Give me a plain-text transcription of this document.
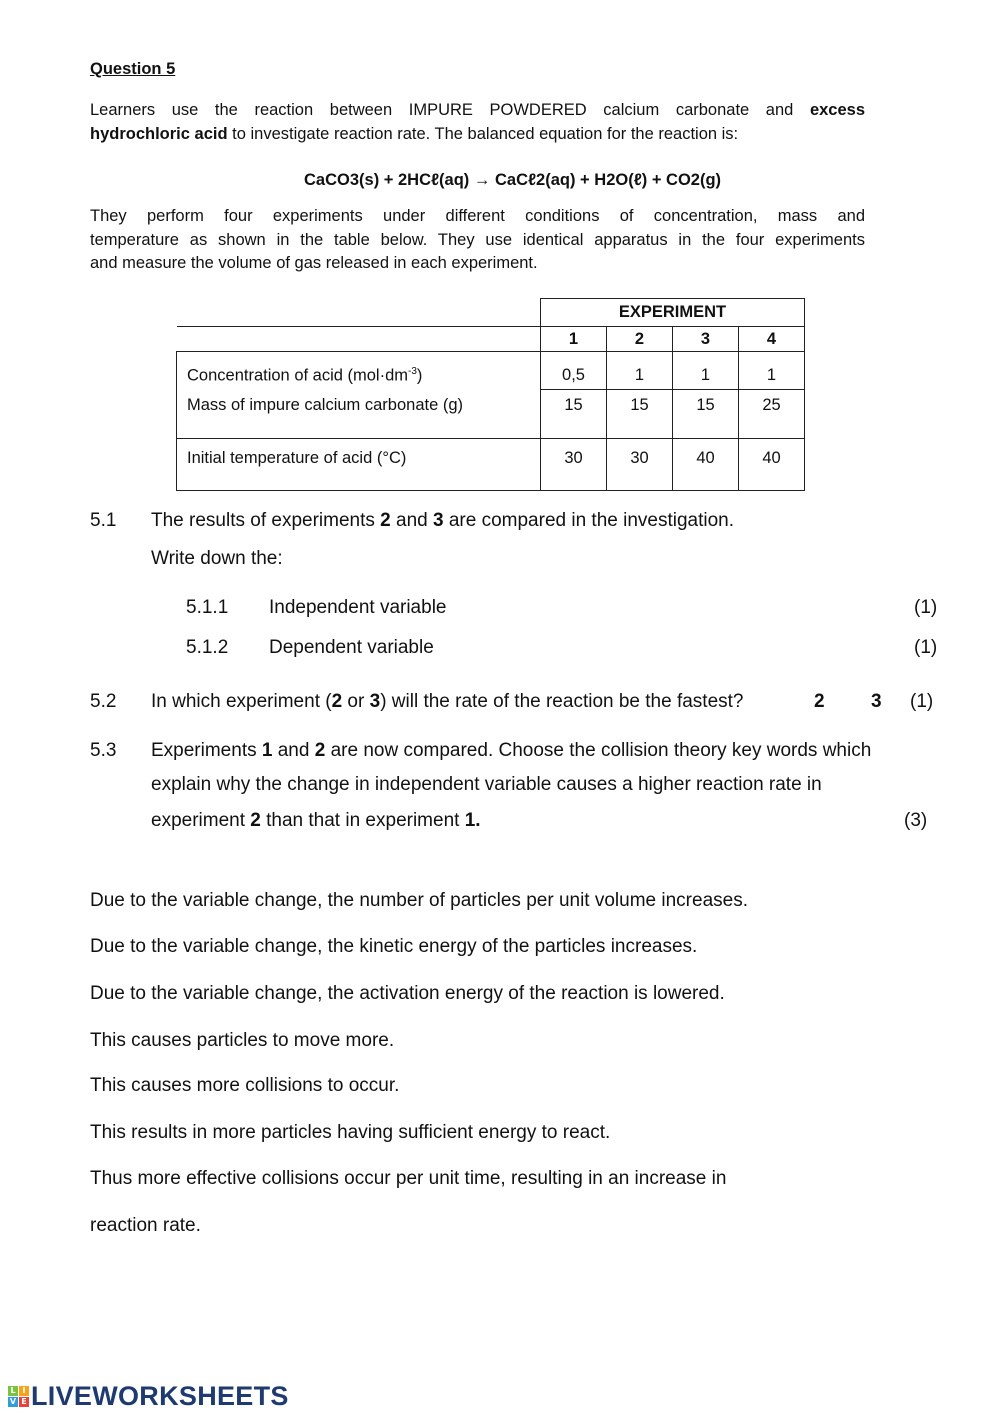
Question 5
Learners use the reaction between IMPURE POWDERED calcium carbonate and excess
hydrochloric acid to investigate reaction rate. The balanced equation for the reaction is:
CaCO3(s) + 2HCℓ(aq) → CaCℓ2(aq) + H2O(ℓ) + CO2(g)
They perform four experiments under different conditions of concentration, mass and
temperature as shown in the table below. They use identical apparatus in the four experiments
and measure the volume of gas released in each experiment.
	EXPERIMENT			
	1	2	3	4
Concentration of acid $(mol\cdot dm^{-3})$	0,5	1	1	1
Mass of impure calcium carbonate (g)	15	15	15	25
Initial temperature of acid (°C)	30	30	40	40
5.1 The results of experiments 2 and 3 are compared in the investigation.
Write down the:
5.1.1 Independent variable	(1)
5.1.2 Dependent variable	(1)
5.2 In which experiment (2 or 3) will the rate of the reaction be the fastest?	2 3 (1)
5.3 Experiments 1 and 2 are now compared. Choose the collision theory key words which
explain why the change in independent variable causes a higher reaction rate in
experiment 2 than that in experiment 1.	(3)
Due to the variable change, the number of particles per unit volume increases.
Due to the variable change, the kinetic energy of the particles increases.
Due to the variable change, the activation energy of the reaction is lowered.
This causes particles to move more.
This causes more collisions to occur.
This results in more particles having sufficient energy to react.
Thus more effective collisions occur per unit time, resulting in an increase in
reaction rate.
L I
V E LIVEWORKSHEETS
